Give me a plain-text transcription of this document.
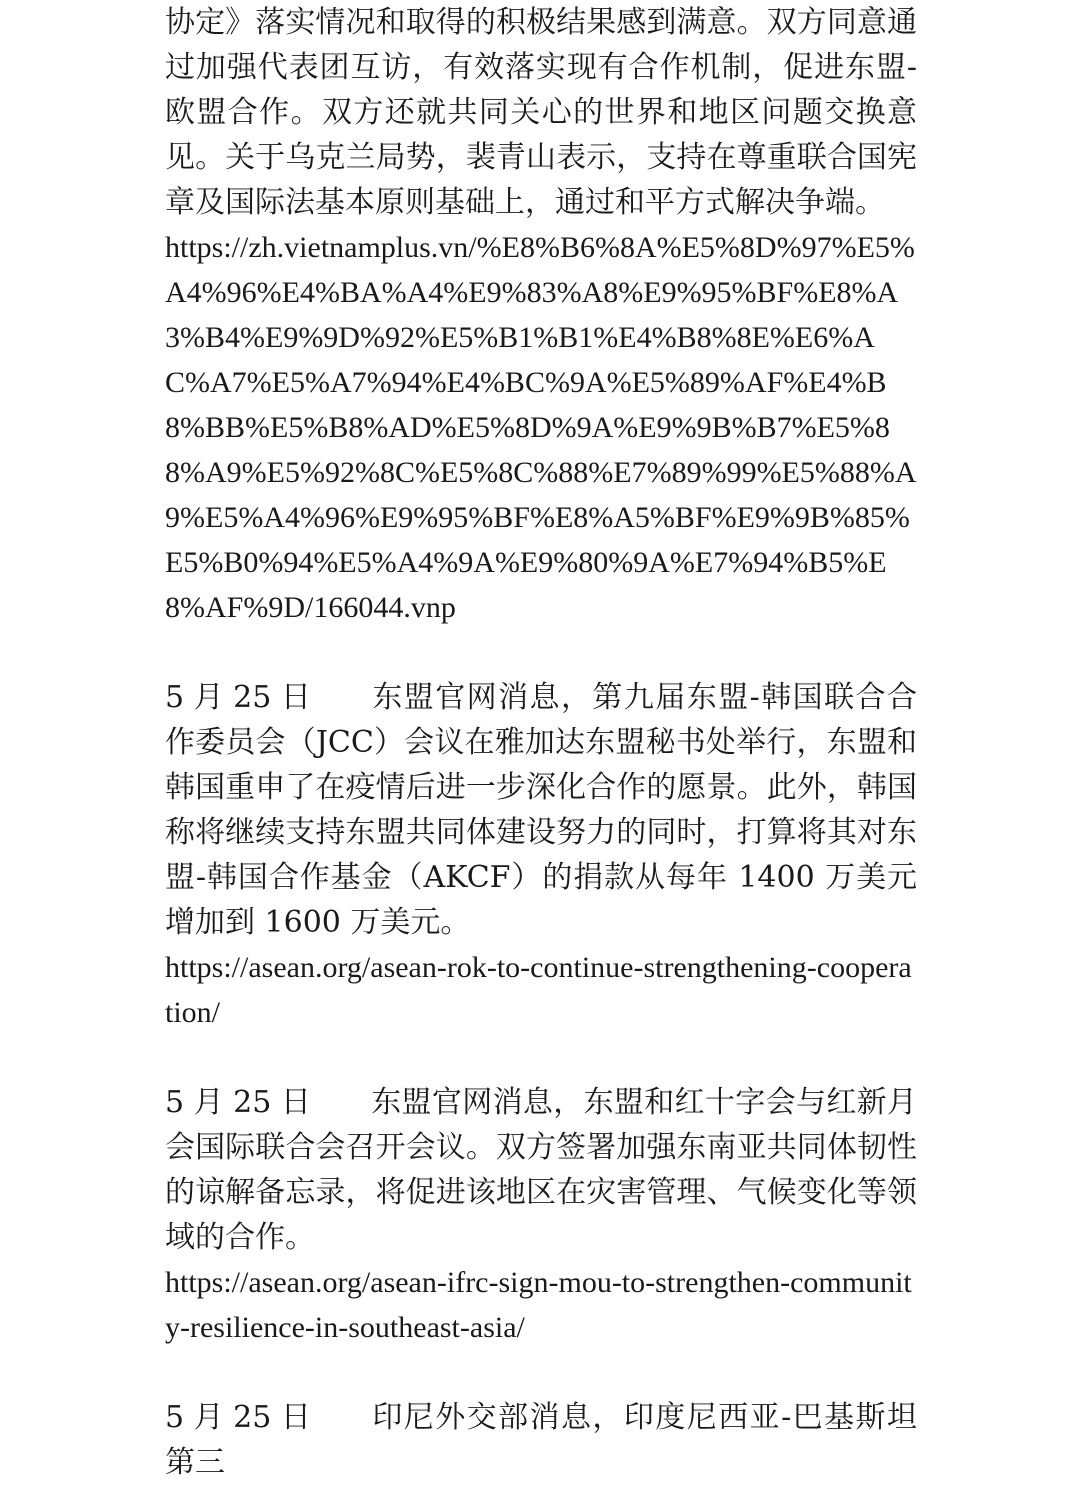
协定》落实情况和取得的积极结果感到满意。双方同意通过加强代表团互访，有效落实现有合作机制，促进东盟-欧盟合作。双方还就共同关心的世界和地区问题交换意见。关于乌克兰局势，裴青山表示，支持在尊重联合国宪章及国际法基本原则基础上，通过和平方式解决争端。

https://zh.vietnamplus.vn/%E8%B6%8A%E5%8D%97%E5%A4%96%E4%BA%A4%E9%83%A8%E9%95%BF%E8%A3%B4%E9%9D%92%E5%B1%B1%E4%B8%8E%E6%AC%A7%E5%A7%94%E4%BC%9A%E5%89%AF%E4%B8%BB%E5%B8%AD%E5%8D%9A%E9%9B%B7%E5%88%A9%E5%92%8C%E5%8C%88%E7%89%99%E5%88%A9%E5%A4%96%E9%95%BF%E8%A5%BF%E9%9B%85%E5%B0%94%E5%A4%9A%E9%80%9A%E7%94%B5%E8%AF%9D/166044.vnp

5 月 25 日 东盟官网消息，第九届东盟-韩国联合合作委员会（JCC）会议在雅加达东盟秘书处举行，东盟和韩国重申了在疫情后进一步深化合作的愿景。此外，韩国称将继续支持东盟共同体建设努力的同时，打算将其对东盟-韩国合作基金（AKCF）的捐款从每年 1400 万美元增加到 1600 万美元。

https://asean.org/asean-rok-to-continue-strengthening-cooperation/

5 月 25 日 东盟官网消息，东盟和红十字会与红新月会国际联合会召开会议。双方签署加强东南亚共同体韧性的谅解备忘录，将促进该地区在灾害管理、气候变化等领域的合作。

https://asean.org/asean-ifrc-sign-mou-to-strengthen-community-resilience-in-southeast-asia/

5 月 25 日 印尼外交部消息，印度尼西亚-巴基斯坦第三
